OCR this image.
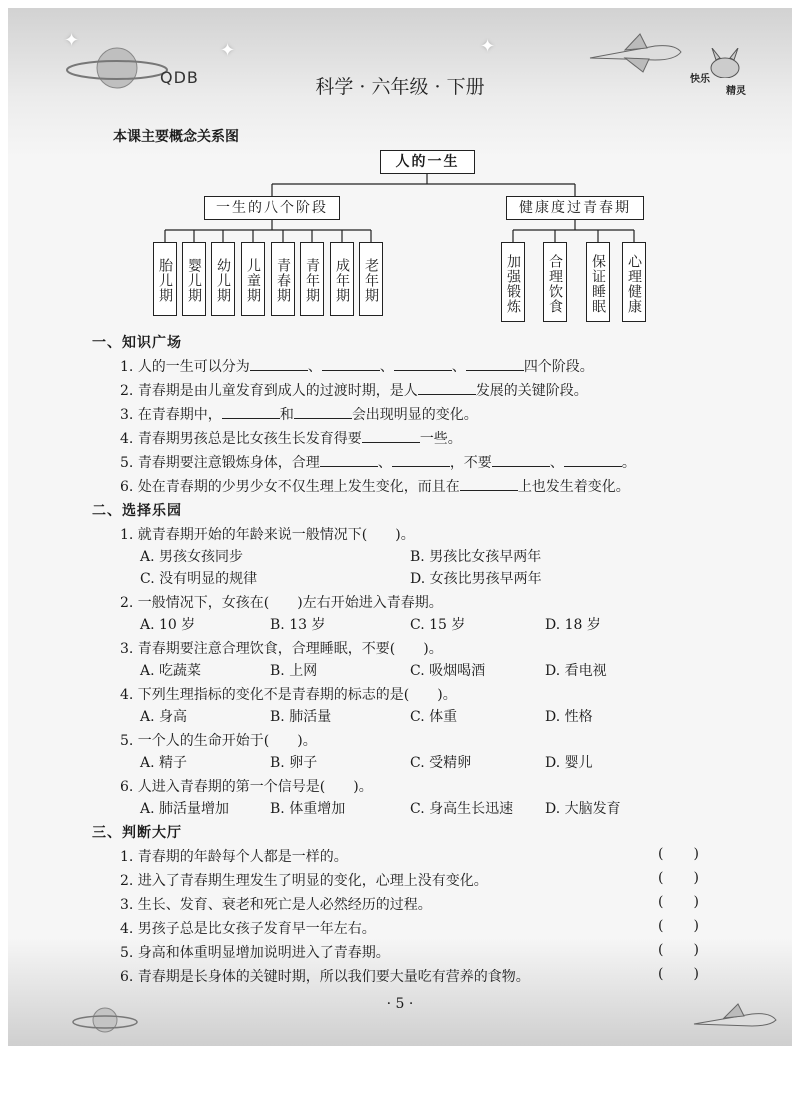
✦	✦
✦
QDB	科学 · 六年级 · 下册	快乐
精灵
本课主要概念关系图
人的一生
一生的八个阶段	健康度过青春期
胎儿期 婴儿期 幼儿期 儿童期 青春期 青年期 成年期 老年期	加强锻炼 合理饮食 保证睡眠 心理健康
一、知识广场
1. 人的一生可以分为	、	、	、	四个阶段。
2. 青春期是由儿童发育到成人的过渡时期，是人	发展的关键阶段。
3. 在青春期中，	和	会出现明显的变化。
4. 青春期男孩总是比女孩生长发育得要	一些。
5. 青春期要注意锻炼身体，合理	、	，不要	、	。
6. 处在青春期的少男少女不仅生理上发生变化，而且在	上也发生着变化。
二、选择乐园
1. 就青春期开始的年龄来说一般情况下(　　)。
A. 男孩女孩同步	B. 男孩比女孩早两年
C. 没有明显的规律	D. 女孩比男孩早两年
2. 一般情况下，女孩在(　　)左右开始进入青春期。
A. 10 岁	B. 13 岁	C. 15 岁	D. 18 岁
3. 青春期要注意合理饮食，合理睡眠，不要(　　)。
A. 吃蔬菜	B. 上网	C. 吸烟喝酒	D. 看电视
4. 下列生理指标的变化不是青春期的标志的是(　　)。
A. 身高	B. 肺活量	C. 体重	D. 性格
5. 一个人的生命开始于(　　)。
A. 精子	B. 卵子	C. 受精卵	D. 婴儿
6. 人进入青春期的第一个信号是(　　)。
A. 肺活量增加	B. 体重增加	C. 身高生长迅速 D. 大脑发育
三、判断大厅
1. 青春期的年龄每个人都是一样的。	()
2. 进入了青春期生理发生了明显的变化，心理上没有变化。	()
3. 生长、发育、衰老和死亡是人必然经历的过程。	()
4. 男孩子总是比女孩子发育早一年左右。	()
5. 身高和体重明显增加说明进入了青春期。	()
6. 青春期是长身体的关键时期，所以我们要大量吃有营养的食物。	()
· 5 ·
